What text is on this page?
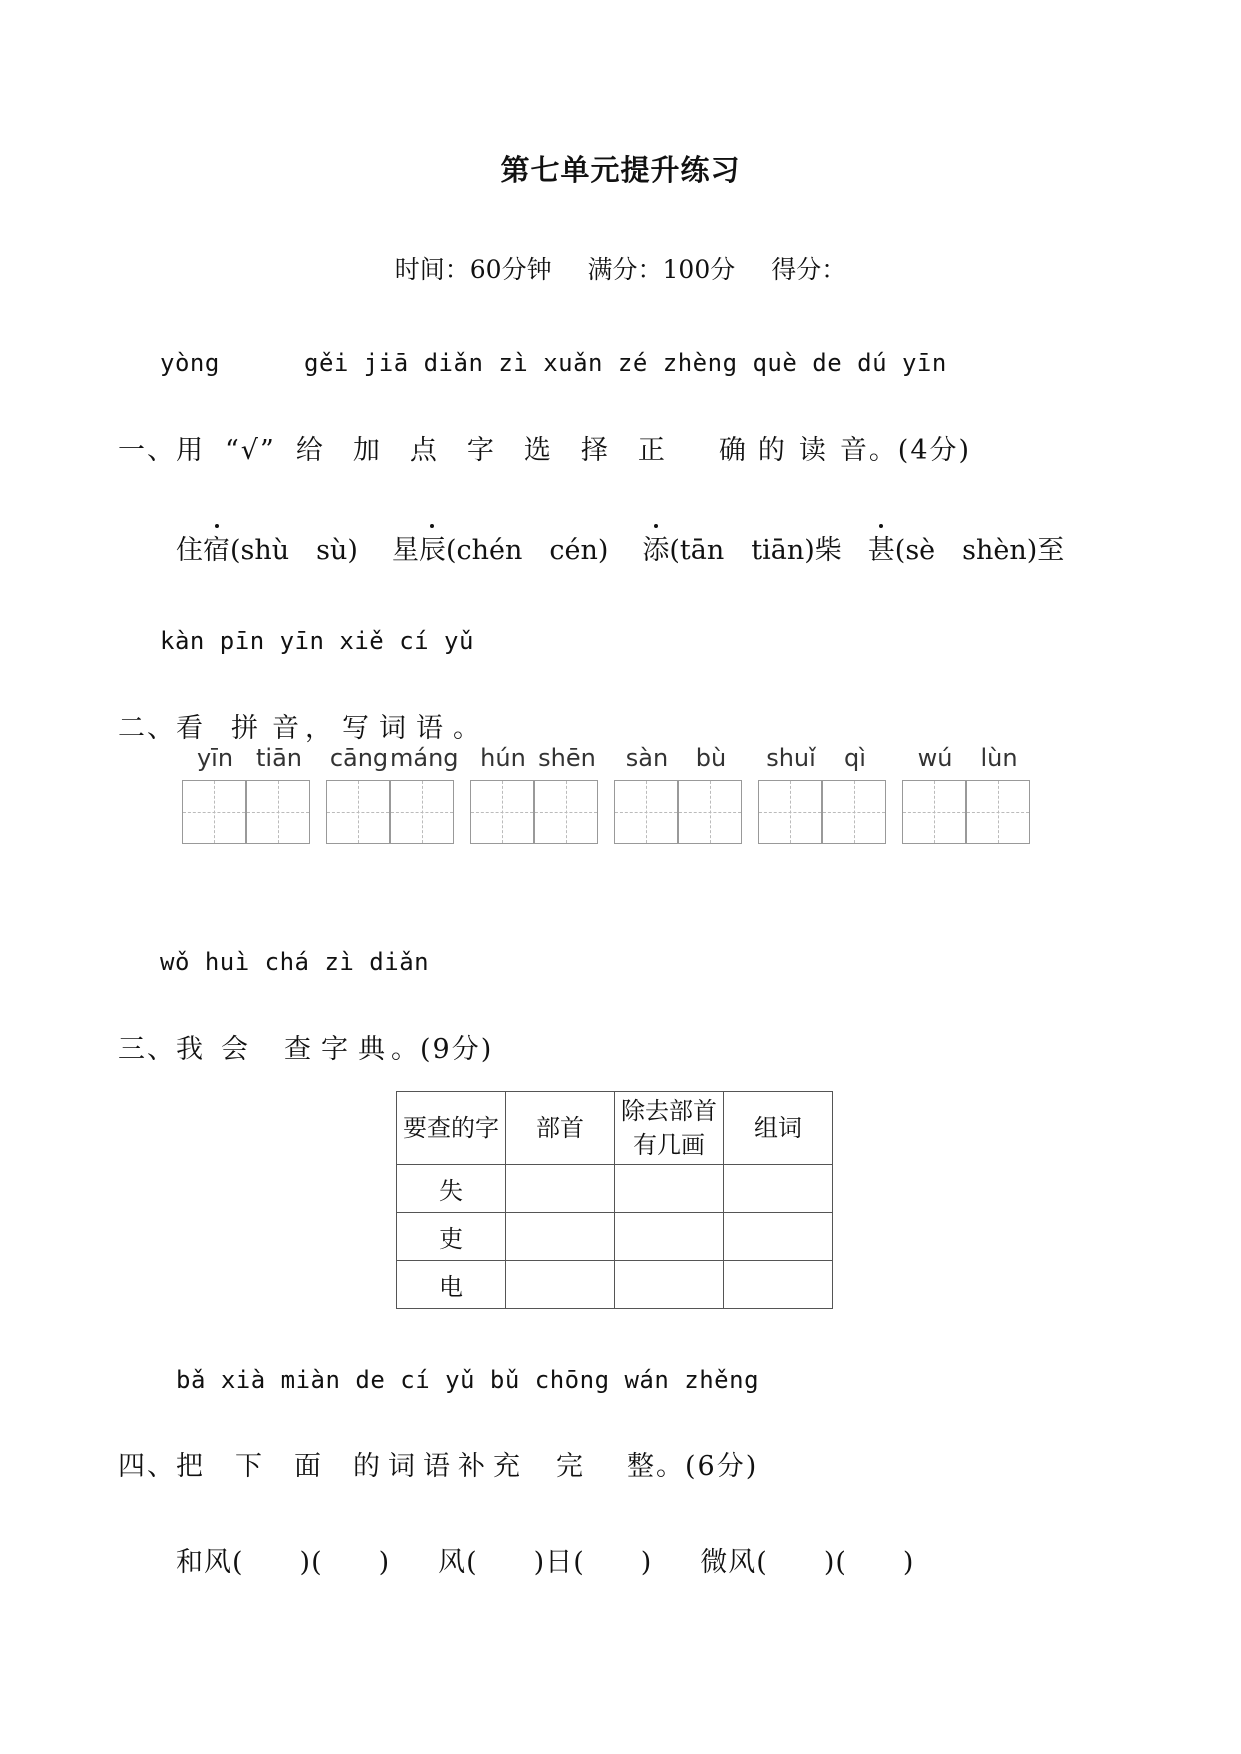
第七单元提升练习
时间：60分钟 满分：100分 得分：
yòng	gěi jiā diǎn zì xuǎn zé zhèng què de dú yīn
一、用 “√” 给 加 点 字 选 择 正 确 的 读 音。(4分)
住宿(shù　sù) 星辰(chén　cén) 添(tān　tiān)柴 甚(sè　shèn)至
kàn pīn yīn xiě cí yǔ
二、看 拼 音 ， 写 词 语 。
yīn tiān	cāng máng hún shēn	sàn	bù	shuǐ	qì	wú	lùn
wǒ huì chá zì diǎn
三、我 会 查 字 典 。(9分)
要查的字	部首	除去部首
有几画	组词
失			
吏			
电			
bǎ xià miàn de cí yǔ bǔ chōng wán zhěng
四、把 下 面 的 词 语 补 充 完 整。(6分)
和风(　　)(　　) 风(　　)日(　　) 微风(　　)(　　)
